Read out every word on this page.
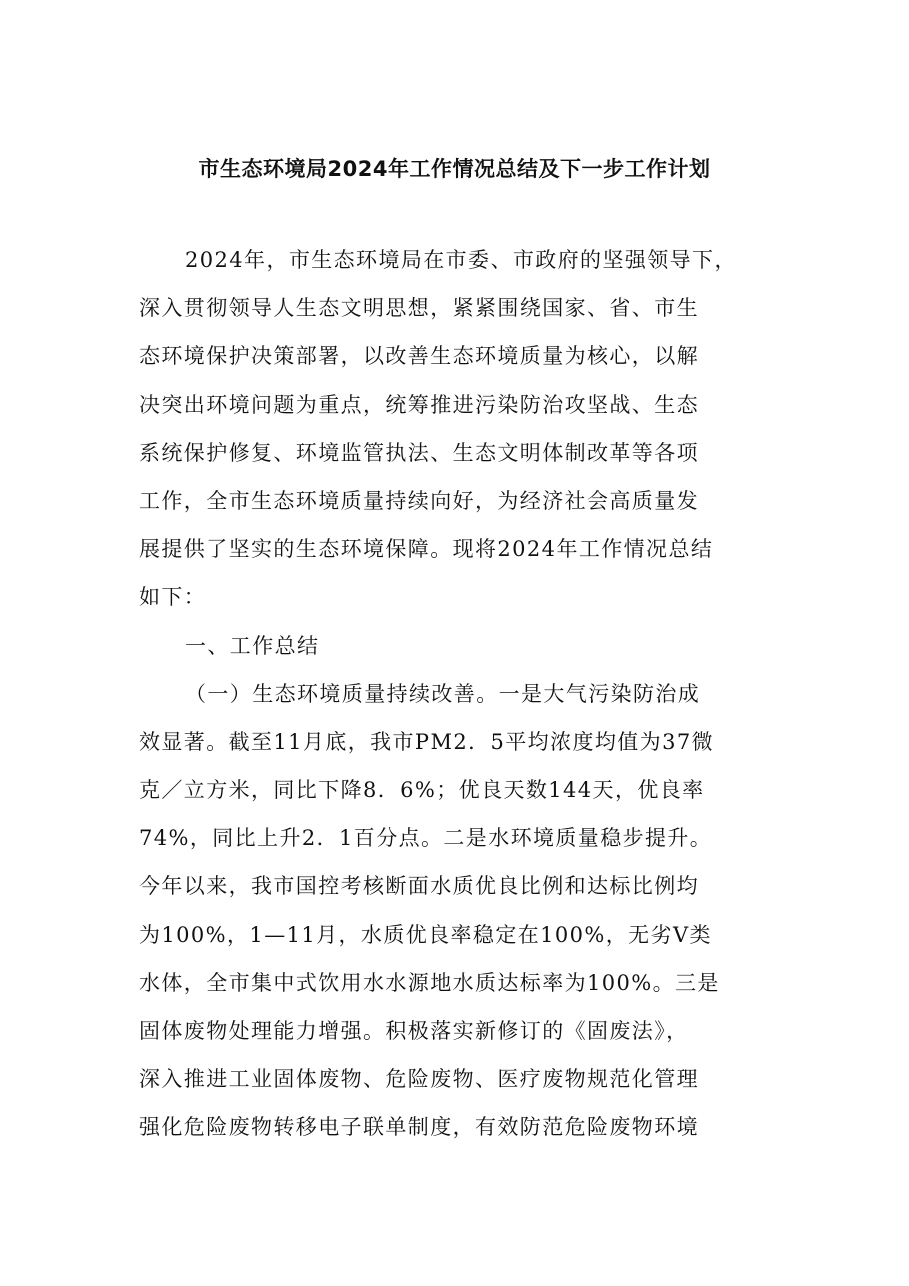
市生态环境局2024年工作情况总结及下一步工作计划
2024年，市生态环境局在市委、市政府的坚强领导下，
深入贯彻领导人生态文明思想，紧紧围绕国家、省、市生
态环境保护决策部署，以改善生态环境质量为核心，以解
决突出环境问题为重点，统筹推进污染防治攻坚战、生态
系统保护修复、环境监管执法、生态文明体制改革等各项
工作，全市生态环境质量持续向好，为经济社会高质量发
展提供了坚实的生态环境保障。现将2024年工作情况总结
如下：
一、工作总结
（一）生态环境质量持续改善。一是大气污染防治成
效显著。截至11月底，我市PM2．5平均浓度均值为37微
克／立方米，同比下降8．6%；优良天数144天，优良率
74%，同比上升2．1百分点。二是水环境质量稳步提升。
今年以来，我市国控考核断面水质优良比例和达标比例均
为100%，1—11月，水质优良率稳定在100%，无劣Ⅴ类
水体，全市集中式饮用水水源地水质达标率为100%。三是
固体废物处理能力增强。积极落实新修订的《固废法》，
深入推进工业固体废物、危险废物、医疗废物规范化管理
强化危险废物转移电子联单制度，有效防范危险废物环境
